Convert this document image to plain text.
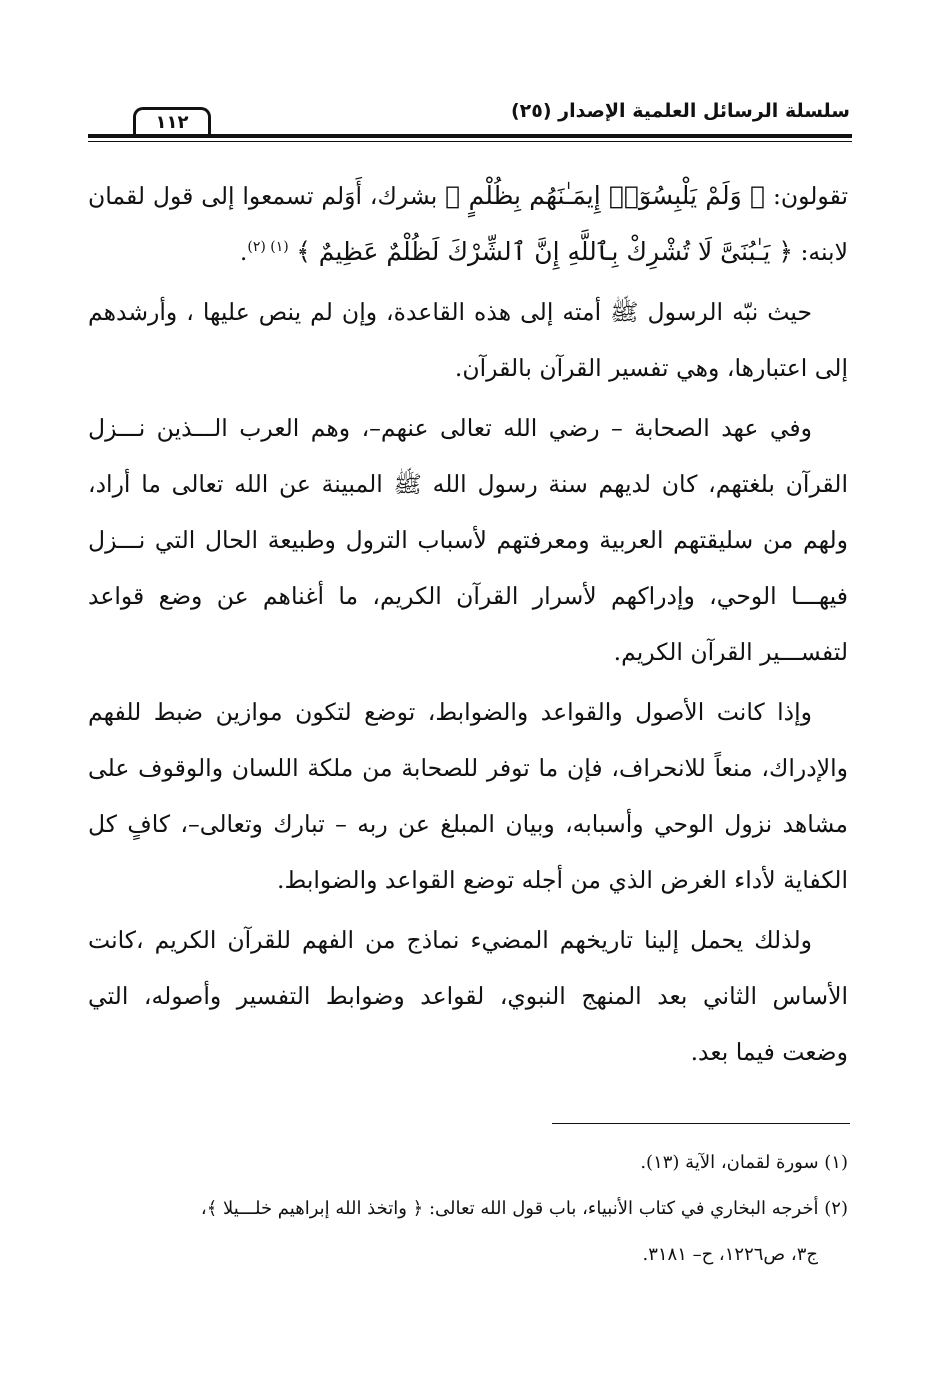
سلسلة الرسائل العلمية الإصدار (٢٥)
١١٢

تقولون: ﴿ وَلَمْ يَلْبِسُوٓا۟ إِيمَـٰنَهُم بِظُلْمٍ ﴾ بشرك، أَوَلم تسمعوا إلى قول لقمان لابنه: ﴿ يَـٰبُنَىَّ لَا تُشْرِكْ بِٱللَّهِ إِنَّ ٱلشِّرْكَ لَظُلْمٌ عَظِيمٌ ﴾ $^{(١) (٢)}$.

حيث نبّه الرسول ﷺ أمته إلى هذه القاعدة، وإن لم ينص عليها ، وأرشدهم إلى اعتبارها، وهي تفسير القرآن بالقرآن.

وفي عهد الصحابة – رضي الله تعالى عنهم–، وهم العرب الـــذين نـــزل القرآن بلغتهم، كان لديهم سنة رسول الله ﷺ المبينة عن الله تعالى ما أراد، ولهم من سليقتهم العربية ومعرفتهم لأسباب الترول وطبيعة الحال التي نـــزل فيهـــا الوحي، وإدراكهم لأسرار القرآن الكريم، ما أغناهم عن وضع قواعد لتفســـير القرآن الكريم.

وإذا كانت الأصول والقواعد والضوابط، توضع لتكون موازين ضبط للفهم والإدراك، منعاً للانحراف، فإن ما توفر للصحابة من ملكة اللسان والوقوف على مشاهد نزول الوحي وأسبابه، وبيان المبلغ عن ربه – تبارك وتعالى–، كافٍ كل الكفاية لأداء الغرض الذي من أجله توضع القواعد والضوابط.

ولذلك يحمل إلينا تاريخهم المضيء نماذج من الفهم للقرآن الكريم ،كانت الأساس الثاني بعد المنهج النبوي، لقواعد وضوابط التفسير وأصوله، التي وضعت فيما بعد.

(١) سورة لقمان، الآية (١٣).

(٢) أخرجه البخاري في كتاب الأنبياء، باب قول الله تعالى: ﴿ واتخذ الله إبراهيم خلـــيلا ﴾،

ج٣، ص١٢٢٦، ح– ٣١٨١.
